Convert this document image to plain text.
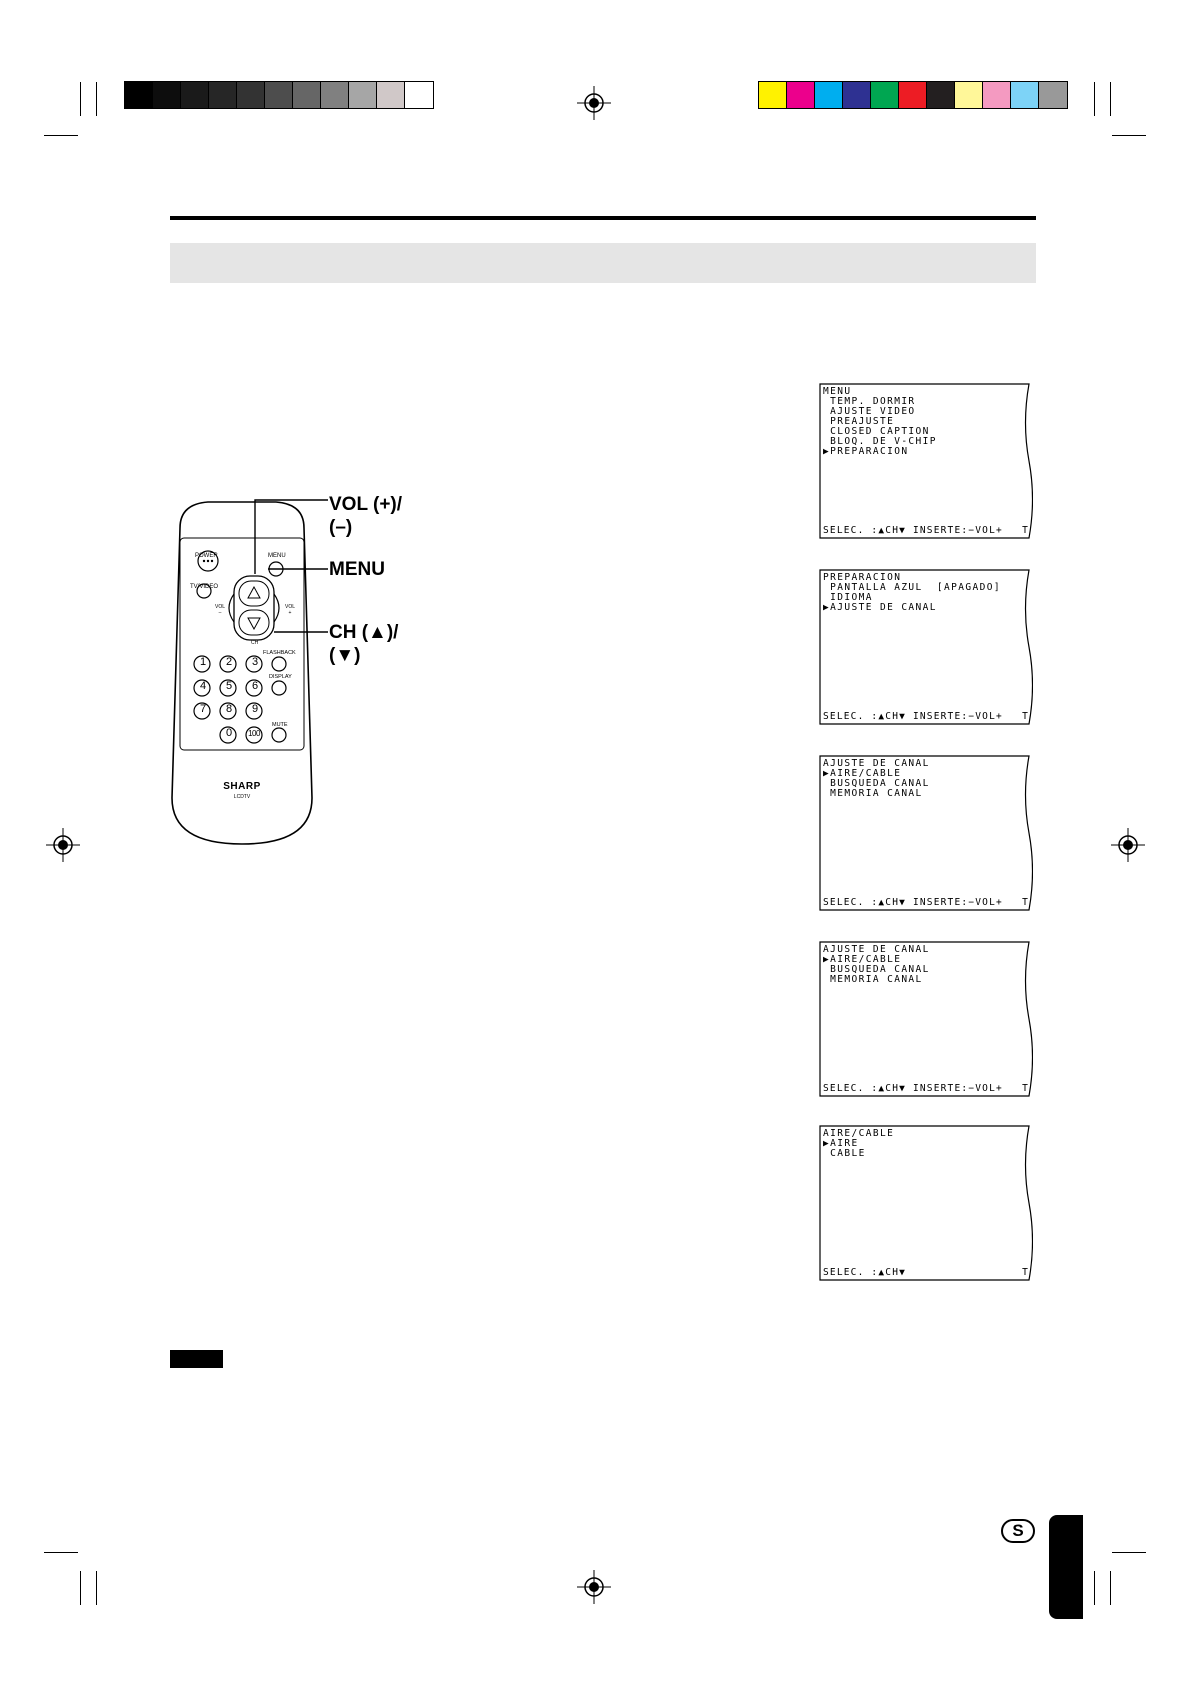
POWER	MENU
TV/VIDEO
VOL
–
VOL
+
CH
FLASHBACK
DISPLAY
MUTE
1 2 3
4 5 6
7 8 9
0 100
SHARP
LCDTV
VOL (+)/
(–)
MENU
CH (▲)/
(▼)
MENU
TEMP. DORMIR
AJUSTE VIDEO
PREAJUSTE
CLOSED CAPTION
BLOQ. DE V-CHIP
▶PREPARACION
SELEC. :▲CH▼ INSERTE:−VOL+ T
PREPARACION
PANTALLA AZUL  [APAGADO]
IDIOMA
▶AJUSTE DE CANAL
SELEC. :▲CH▼ INSERTE:−VOL+ T
AJUSTE DE CANAL
▶AIRE/CABLE
BUSQUEDA CANAL
MEMORIA CANAL
SELEC. :▲CH▼ INSERTE:−VOL+ T
AJUSTE DE CANAL
▶AIRE/CABLE
BUSQUEDA CANAL
MEMORIA CANAL
SELEC. :▲CH▼ INSERTE:−VOL+ T
AIRE/CABLE
▶AIRE
CABLE
SELEC. :▲CH▼	T
S
